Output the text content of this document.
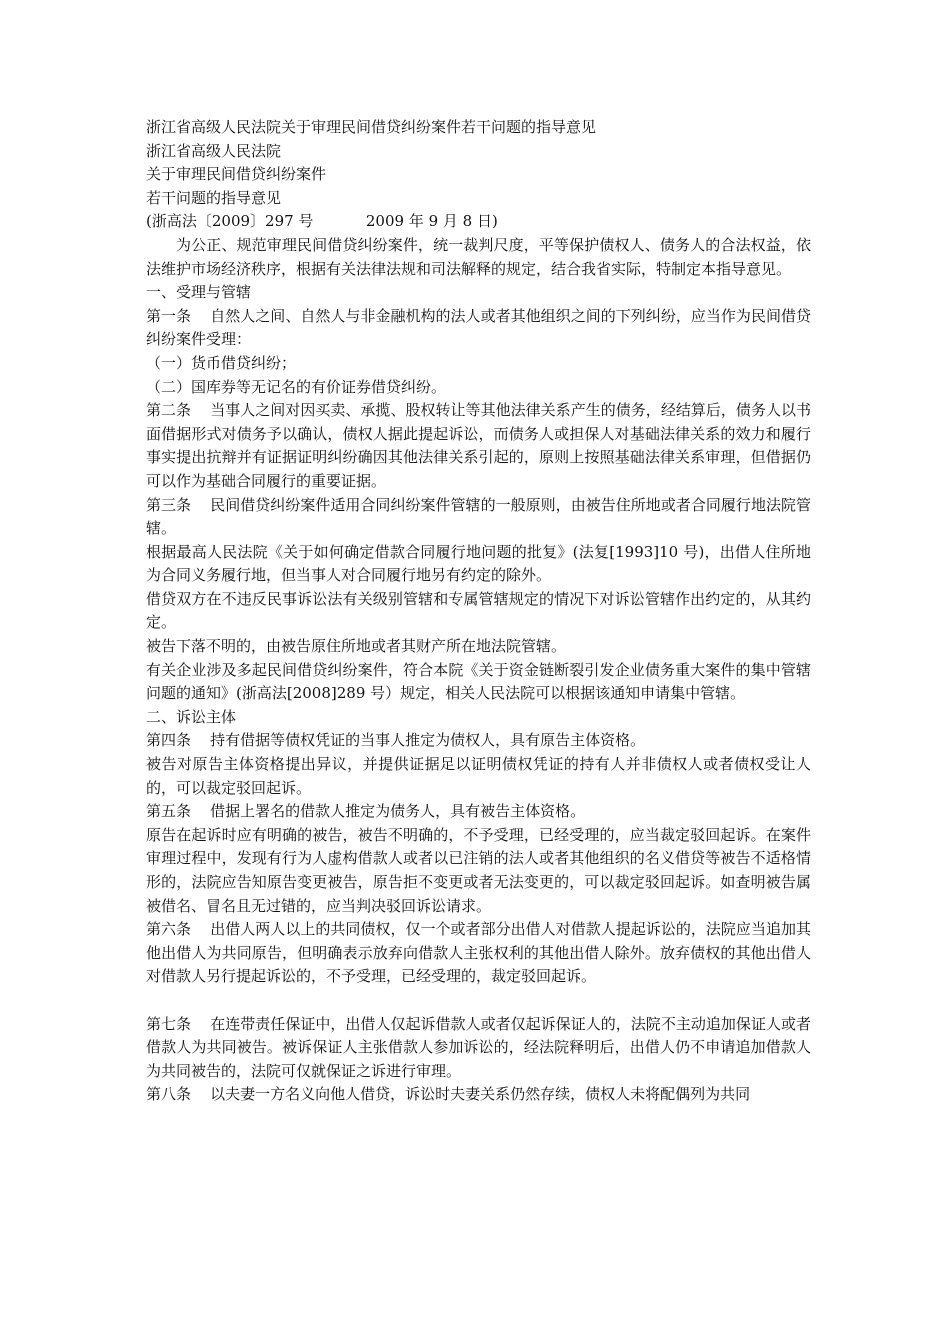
浙江省高级人民法院关于审理民间借贷纠纷案件若干问题的指导意见

浙江省高级人民法院

关于审理民间借贷纠纷案件

若干问题的指导意见

(浙高法〔2009〕297 号           2009 年 9 月 8 日)

为公正、规范审理民间借贷纠纷案件，统一裁判尺度，平等保护债权人、债务人的合法权益，依法维护市场经济秩序，根据有关法律法规和司法解释的规定，结合我省实际，特制定本指导意见。

一、受理与管辖

第一条    自然人之间、自然人与非金融机构的法人或者其他组织之间的下列纠纷，应当作为民间借贷纠纷案件受理：

（一）货币借贷纠纷；

（二）国库券等无记名的有价证券借贷纠纷。

第二条    当事人之间对因买卖、承揽、股权转让等其他法律关系产生的债务，经结算后，债务人以书面借据形式对债务予以确认，债权人据此提起诉讼，而债务人或担保人对基础法律关系的效力和履行事实提出抗辩并有证据证明纠纷确因其他法律关系引起的，原则上按照基础法律关系审理，但借据仍可以作为基础合同履行的重要证据。

第三条    民间借贷纠纷案件适用合同纠纷案件管辖的一般原则，由被告住所地或者合同履行地法院管辖。

根据最高人民法院《关于如何确定借款合同履行地问题的批复》(法复[1993]10 号)，出借人住所地为合同义务履行地，但当事人对合同履行地另有约定的除外。

借贷双方在不违反民事诉讼法有关级别管辖和专属管辖规定的情况下对诉讼管辖作出约定的，从其约定。

被告下落不明的，由被告原住所地或者其财产所在地法院管辖。

有关企业涉及多起民间借贷纠纷案件，符合本院《关于资金链断裂引发企业债务重大案件的集中管辖问题的通知》(浙高法[2008]289 号）规定，相关人民法院可以根据该通知申请集中管辖。

二、诉讼主体

第四条    持有借据等债权凭证的当事人推定为债权人，具有原告主体资格。

被告对原告主体资格提出异议，并提供证据足以证明债权凭证的持有人并非债权人或者债权受让人的，可以裁定驳回起诉。

第五条    借据上署名的借款人推定为债务人，具有被告主体资格。

原告在起诉时应有明确的被告，被告不明确的，不予受理，已经受理的，应当裁定驳回起诉。在案件审理过程中，发现有行为人虚构借款人或者以已注销的法人或者其他组织的名义借贷等被告不适格情形的，法院应告知原告变更被告，原告拒不变更或者无法变更的，可以裁定驳回起诉。如查明被告属被借名、冒名且无过错的，应当判决驳回诉讼请求。

第六条    出借人两人以上的共同债权，仅一个或者部分出借人对借款人提起诉讼的，法院应当追加其他出借人为共同原告，但明确表示放弃向借款人主张权利的其他出借人除外。放弃债权的其他出借人对借款人另行提起诉讼的，不予受理，已经受理的，裁定驳回起诉。

第七条    在连带责任保证中，出借人仅起诉借款人或者仅起诉保证人的，法院不主动追加保证人或者借款人为共同被告。被诉保证人主张借款人参加诉讼的，经法院释明后，出借人仍不申请追加借款人为共同被告的，法院可仅就保证之诉进行审理。

第八条    以夫妻一方名义向他人借贷，诉讼时夫妻关系仍然存续，债权人未将配偶列为共同
